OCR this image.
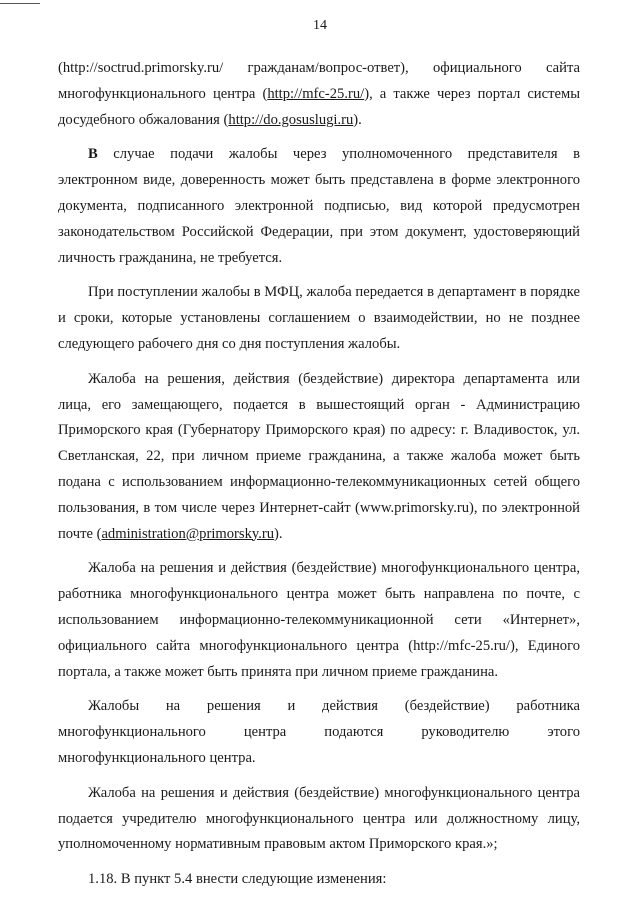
14

(http://soctrud.primorsky.ru/ гражданам/вопрос-ответ), официального сайта многофункционального центра (http://mfc-25.ru/), а также через портал системы досудебного обжалования (http://do.gosuslugi.ru).

В случае подачи жалобы через уполномоченного представителя в электронном виде, доверенность может быть представлена в форме электронного документа, подписанного электронной подписью, вид которой предусмотрен законодательством Российской Федерации, при этом документ, удостоверяющий личность гражданина, не требуется.

При поступлении жалобы в МФЦ, жалоба передается в департамент в порядке и сроки, которые установлены соглашением о взаимодействии, но не позднее следующего рабочего дня со дня поступления жалобы.

Жалоба на решения, действия (бездействие) директора департамента или лица, его замещающего, подается в вышестоящий орган - Администрацию Приморского края (Губернатору Приморского края) по адресу: г. Владивосток, ул. Светланская, 22, при личном приеме гражданина, а также жалоба может быть подана с использованием информационно-телекоммуникационных сетей общего пользования, в том числе через Интернет-сайт (www.primorsky.ru), по электронной почте (administration@primorsky.ru).

Жалоба на решения и действия (бездействие) многофункционального центра, работника многофункционального центра может быть направлена по почте, с использованием информационно-телекоммуникационной сети «Интернет», официального сайта многофункционального центра (http://mfc-25.ru/), Единого портала, а также может быть принята при личном приеме гражданина.

Жалобы на решения и действия (бездействие) работника многофункционального центра подаются руководителю этого многофункционального центра.

Жалоба на решения и действия (бездействие) многофункционального центра подается учредителю многофункционального центра или должностному лицу, уполномоченному нормативным правовым актом Приморского края.»;

1.18. В пункт 5.4 внести следующие изменения:
